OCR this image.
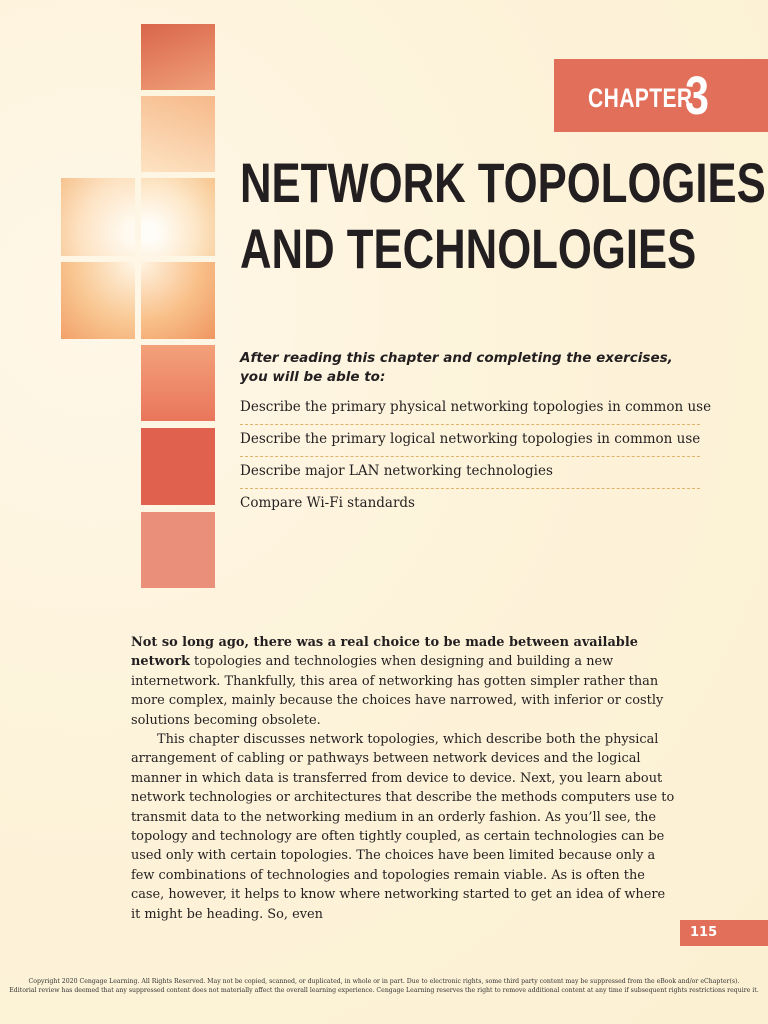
CHAPTER
3
NETWORK TOPOLOGIES
AND TECHNOLOGIES
After reading this chapter and completing the exercises, you will be able to:
Describe the primary physical networking topologies in common use
Describe the primary logical networking topologies in common use
Describe major LAN networking technologies
Compare Wi-Fi standards

Not so long ago, there was a real choice to be made between available network topologies and technologies when designing and building a new internetwork. Thankfully, this area of networking has gotten simpler rather than more complex, mainly because the choices have narrowed, with inferior or costly solutions becoming obsolete.

This chapter discusses network topologies, which describe both the physical arrangement of cabling or pathways between network devices and the logical manner in which data is transferred from device to device. Next, you learn about network technologies or architectures that describe the methods computers use to transmit data to the networking medium in an orderly fashion. As you’ll see, the topology and technology are often tightly coupled, as certain technologies can be used only with certain topologies. The choices have been limited because only a few combinations of technologies and topologies remain viable. As is often the case, however, it helps to know where networking started to get an idea of where it might be heading. So, even

115
Copyright 2020 Cengage Learning. All Rights Reserved. May not be copied, scanned, or duplicated, in whole or in part. Due to electronic rights, some third party content may be suppressed from the eBook and/or eChapter(s).
Editorial review has deemed that any suppressed content does not materially affect the overall learning experience. Cengage Learning reserves the right to remove additional content at any time if subsequent rights restrictions require it.
